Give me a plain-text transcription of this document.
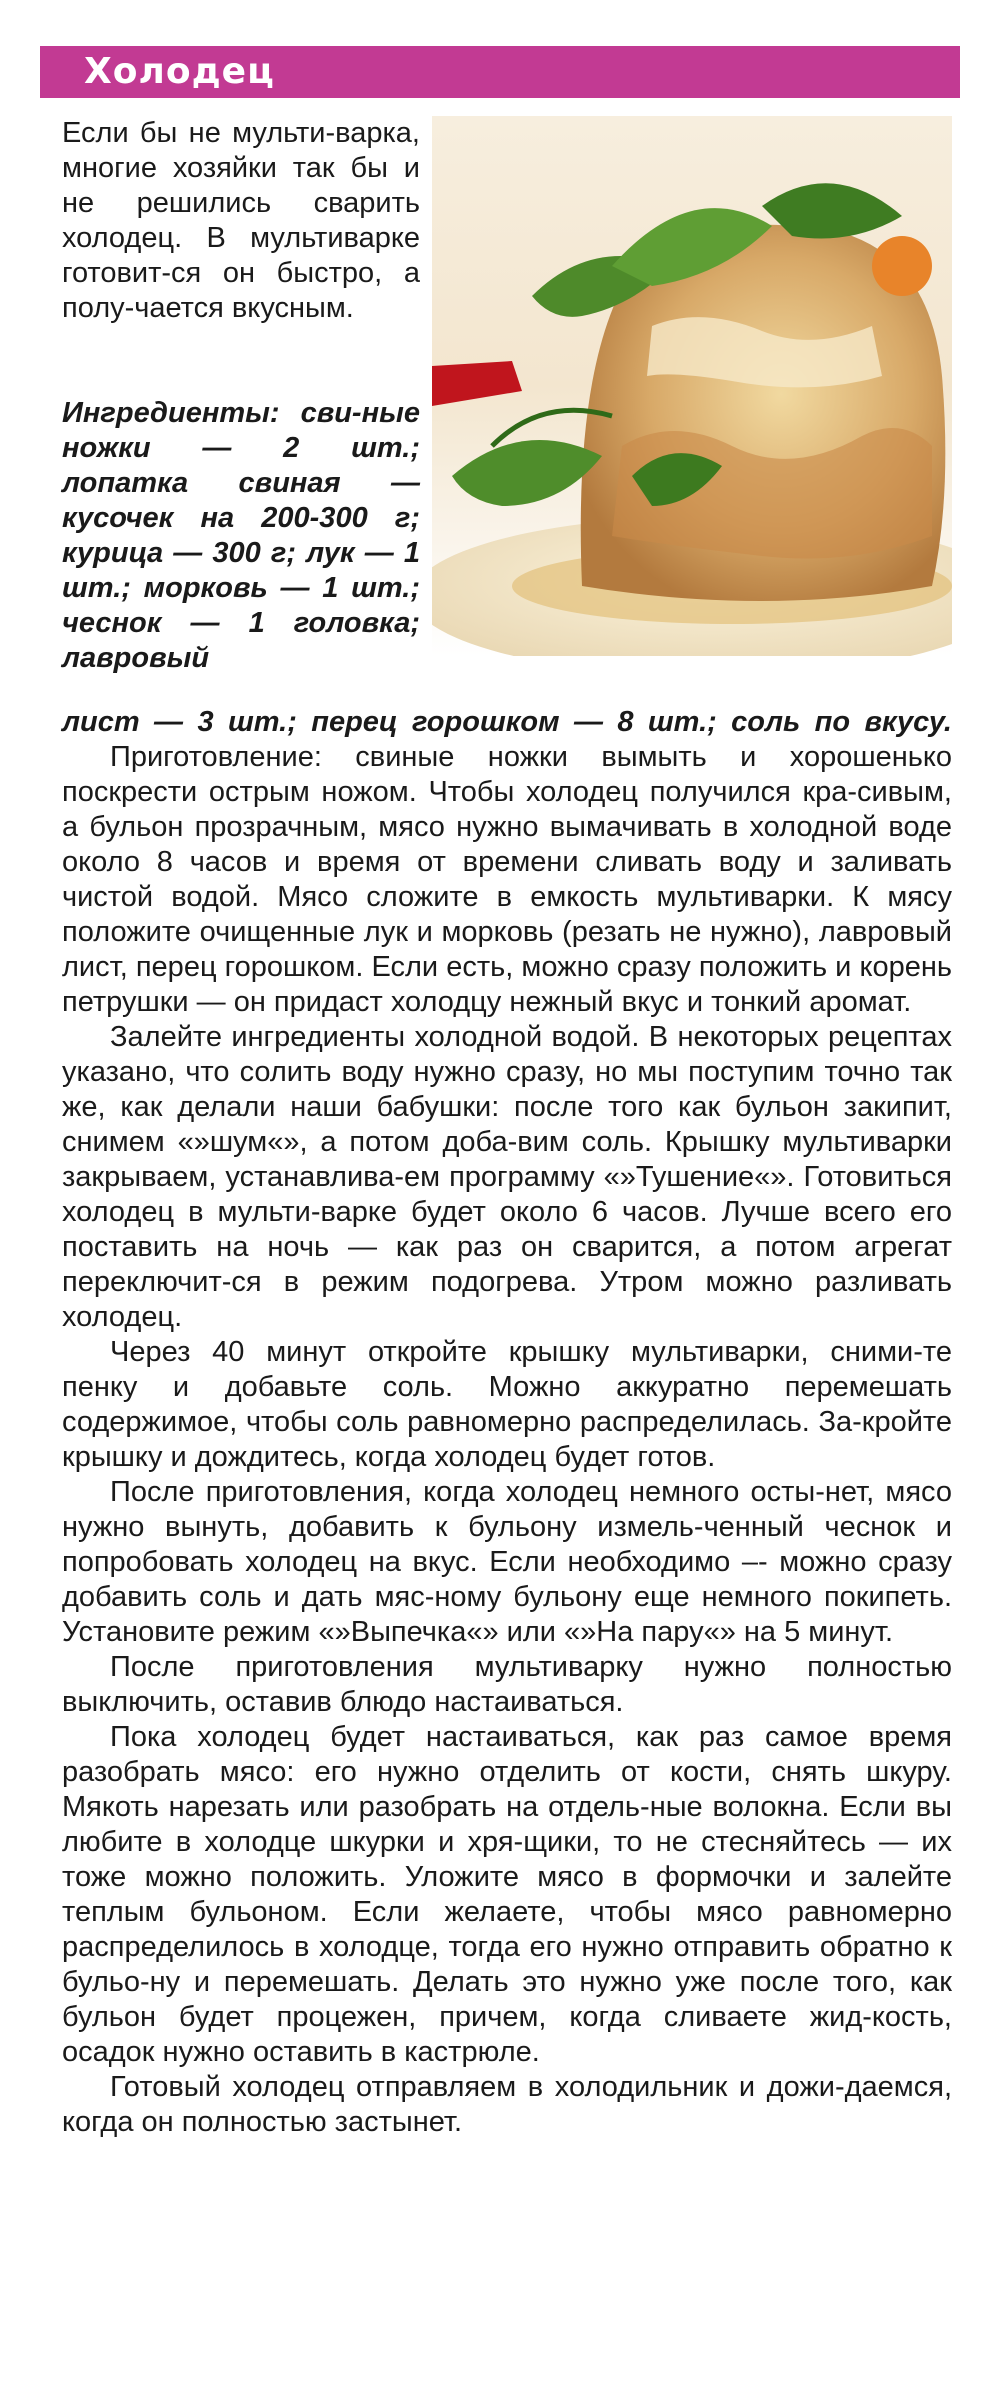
Холодец
Если бы не мульти-варка, многие хозяйки так бы и не решились сварить холодец. В мультиварке готовит-ся он быстро, а полу-чается вкусным.
Ингредиенты: сви-ные ножки — 2 шт.; лопатка свиная — кусочек на 200-300 г; курица — 300 г; лук — 1 шт.; морковь — 1 шт.; чеснок — 1 головка; лавровый
лист — 3 шт.; перец горошком — 8 шт.; соль по вкусу.

Приготовление: свиные ножки вымыть и хорошенько поскрести острым ножом. Чтобы холодец получился кра-сивым, а бульон прозрачным, мясо нужно вымачивать в холодной воде около 8 часов и время от времени сливать воду и заливать чистой водой. Мясо сложите в емкость мультиварки. К мясу положите очищенные лук и морковь (резать не нужно), лавровый лист, перец горошком. Если есть, можно сразу положить и корень петрушки — он придаст холодцу нежный вкус и тонкий аромат.

Залейте ингредиенты холодной водой. В некоторых рецептах указано, что солить воду нужно сразу, но мы поступим точно так же, как делали наши бабушки: после того как бульон закипит, снимем «»шум«», а потом доба-вим соль. Крышку мультиварки закрываем, устанавлива-ем программу «»Тушение«». Готовиться холодец в мульти-варке будет около 6 часов. Лучше всего его поставить на ночь — как раз он сварится, а потом агрегат переключит-ся в режим подогрева. Утром можно разливать холодец.

Через 40 минут откройте крышку мультиварки, сними-те пенку и добавьте соль. Можно аккуратно перемешать содержимое, чтобы соль равномерно распределилась. За-кройте крышку и дождитесь, когда холодец будет готов.

После приготовления, когда холодец немного осты-нет, мясо нужно вынуть, добавить к бульону измель-ченный чеснок и попробовать холодец на вкус. Если необходимо –- можно сразу добавить соль и дать мяс-ному бульону еще немного покипеть. Установите режим «»Выпечка«» или «»На пару«» на 5 минут.

После приготовления мультиварку нужно полностью выключить, оставив блюдо настаиваться.

Пока холодец будет настаиваться, как раз самое время разобрать мясо: его нужно отделить от кости, снять шкуру. Мякоть нарезать или разобрать на отдель-ные волокна. Если вы любите в холодце шкурки и хря-щики, то не стесняйтесь — их тоже можно положить. Уложите мясо в формочки и залейте теплым бульоном. Если желаете, чтобы мясо равномерно распределилось в холодце, тогда его нужно отправить обратно к бульо-ну и перемешать. Делать это нужно уже после того, как бульон будет процежен, причем, когда сливаете жид-кость, осадок нужно оставить в кастрюле.

Готовый холодец отправляем в холодильник и дожи-даемся, когда он полностью застынет.
